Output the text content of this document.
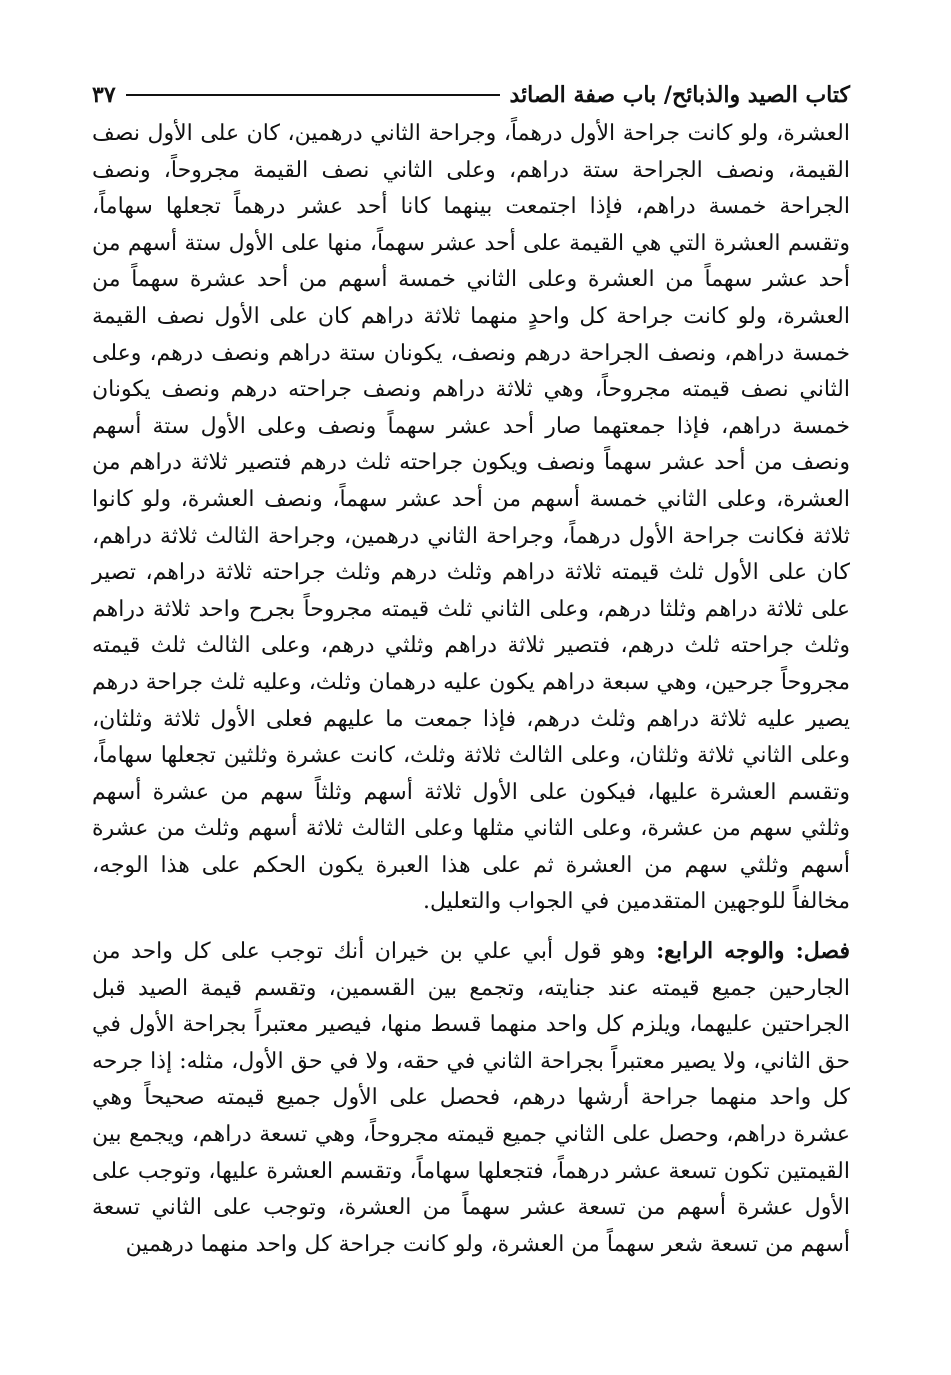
كتاب الصيد والذبائح/ باب صفة الصائد
٣٧

العشرة، ولو كانت جراحة الأول درهماً، وجراحة الثاني درهمين، كان على الأول نصف القيمة، ونصف الجراحة ستة دراهم، وعلى الثاني نصف القيمة مجروحاً، ونصف الجراحة خمسة دراهم، فإذا اجتمعت بينهما كانا أحد عشر درهماً تجعلها سهاماً، وتقسم العشرة التي هي القيمة على أحد عشر سهماً، منها على الأول ستة أسهم من أحد عشر سهماً من العشرة وعلى الثاني خمسة أسهم من أحد عشرة سهماً من العشرة، ولو كانت جراحة كل واحدٍ منهما ثلاثة دراهم كان على الأول نصف القيمة خمسة دراهم، ونصف الجراحة درهم ونصف، يكونان ستة دراهم ونصف درهم، وعلى الثاني نصف قيمته مجروحاً، وهي ثلاثة دراهم ونصف جراحته درهم ونصف يكونان خمسة دراهم، فإذا جمعتهما صار أحد عشر سهماً ونصف وعلى الأول ستة أسهم ونصف من أحد عشر سهماً ونصف ويكون جراحته ثلث درهم فتصير ثلاثة دراهم من العشرة، وعلى الثاني خمسة أسهم من أحد عشر سهماً، ونصف العشرة، ولو كانوا ثلاثة فكانت جراحة الأول درهماً، وجراحة الثاني درهمين، وجراحة الثالث ثلاثة دراهم، كان على الأول ثلث قيمته ثلاثة دراهم وثلث درهم وثلث جراحته ثلاثة دراهم، تصير على ثلاثة دراهم وثلثا درهم، وعلى الثاني ثلث قيمته مجروحاً بجرح واحد ثلاثة دراهم وثلث جراحته ثلث درهم، فتصير ثلاثة دراهم وثلثي درهم، وعلى الثالث ثلث قيمته مجروحاً جرحين، وهي سبعة دراهم يكون عليه درهمان وثلث، وعليه ثلث جراحة درهم يصير عليه ثلاثة دراهم وثلث درهم، فإذا جمعت ما عليهم فعلى الأول ثلاثة وثلثان، وعلى الثاني ثلاثة وثلثان، وعلى الثالث ثلاثة وثلث، كانت عشرة وثلثين تجعلها سهاماً، وتقسم العشرة عليها، فيكون على الأول ثلاثة أسهم وثلثاً سهم من عشرة أسهم وثلثي سهم من عشرة، وعلى الثاني مثلها وعلى الثالث ثلاثة أسهم وثلث من عشرة أسهم وثلثي سهم من العشرة ثم على هذا العبرة يكون الحكم على هذا الوجه، مخالفاً للوجهين المتقدمين في الجواب والتعليل.

فصل: والوجه الرابع: وهو قول أبي علي بن خيران أنك توجب على كل واحد من الجارحين جميع قيمته عند جنايته، وتجمع بين القسمين، وتقسم قيمة الصيد قبل الجراحتين عليهما، ويلزم كل واحد منهما قسط منها، فيصير معتبراً بجراحة الأول في حق الثاني، ولا يصير معتبراً بجراحة الثاني في حقه، ولا في حق الأول، مثله: إذا جرحه كل واحد منهما جراحة أرشها درهم، فحصل على الأول جميع قيمته صحيحاً وهي عشرة دراهم، وحصل على الثاني جميع قيمته مجروحاً، وهي تسعة دراهم، ويجمع بين القيمتين تكون تسعة عشر درهماً، فتجعلها سهاماً، وتقسم العشرة عليها، وتوجب على الأول عشرة أسهم من تسعة عشر سهماً من العشرة، وتوجب على الثاني تسعة أسهم من تسعة شعر سهماً من العشرة، ولو كانت جراحة كل واحد منهما درهمين
